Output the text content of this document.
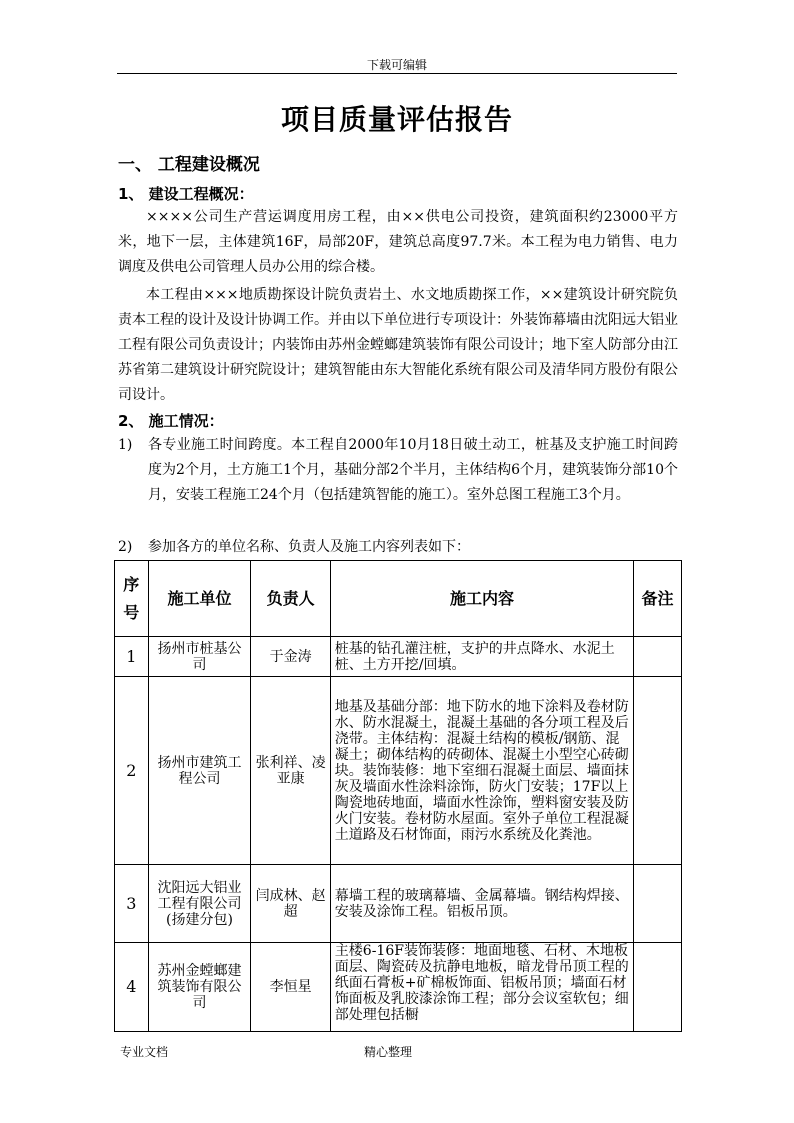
下载可编辑
项目质量评估报告
一、 工程建设概况
1、 建设工程概况：
××××公司生产营运调度用房工程，由××供电公司投资，建筑面积约23000平方米，地下一层，主体建筑16F，局部20F，建筑总高度97.7米。本工程为电力销售、电力调度及供电公司管理人员办公用的综合楼。
本工程由×××地质勘探设计院负责岩土、水文地质勘探工作，××建筑设计研究院负责本工程的设计及设计协调工作。并由以下单位进行专项设计：外装饰幕墙由沈阳远大铝业工程有限公司负责设计；内装饰由苏州金螳螂建筑装饰有限公司设计；地下室人防部分由江苏省第二建筑设计研究院设计；建筑智能由东大智能化系统有限公司及清华同方股份有限公司设计。
2、 施工情况：
1) 各专业施工时间跨度。本工程自2000年10月18日破土动工，桩基及支护施工时间跨度为2个月，土方施工1个月，基础分部2个半月，主体结构6个月，建筑装饰分部10个月，安装工程施工24个月（包括建筑智能的施工）。室外总图工程施工3个月。
2) 参加各方的单位名称、负责人及施工内容列表如下：
序号	施工单位	负责人	施工内容	备注
1	扬州市桩基公司	于金涛	桩基的钻孔灌注桩，支护的井点降水、水泥土桩、土方开挖/回填。	
2	扬州市建筑工程公司	张利祥、凌亚康	地基及基础分部：地下防水的地下涂料及卷材防水、防水混凝土，混凝土基础的各分项工程及后浇带。主体结构：混凝土结构的模板/钢筋、混凝土；砌体结构的砖砌体、混凝土小型空心砖砌块。装饰装修：地下室细石混凝土面层、墙面抹灰及墙面水性涂料涂饰，防火门安装；17F以上陶瓷地砖地面，墙面水性涂饰，塑料窗安装及防火门安装。卷材防水屋面。室外子单位工程混凝土道路及石材饰面，雨污水系统及化粪池。	
3	沈阳远大铝业工程有限公司(扬建分包)	闫成林、赵超	幕墙工程的玻璃幕墙、金属幕墙。钢结构焊接、安装及涂饰工程。铝板吊顶。	
4	苏州金螳螂建筑装饰有限公司	李恒星	主楼6-16F装饰装修：地面地毯、石材、木地板面层、陶瓷砖及抗静电地板，暗龙骨吊顶工程的纸面石膏板+矿棉板饰面、铝板吊顶；墙面石材饰面板及乳胶漆涂饰工程；部分会议室软包；细部处理包括橱	

专业文档	精心整理
